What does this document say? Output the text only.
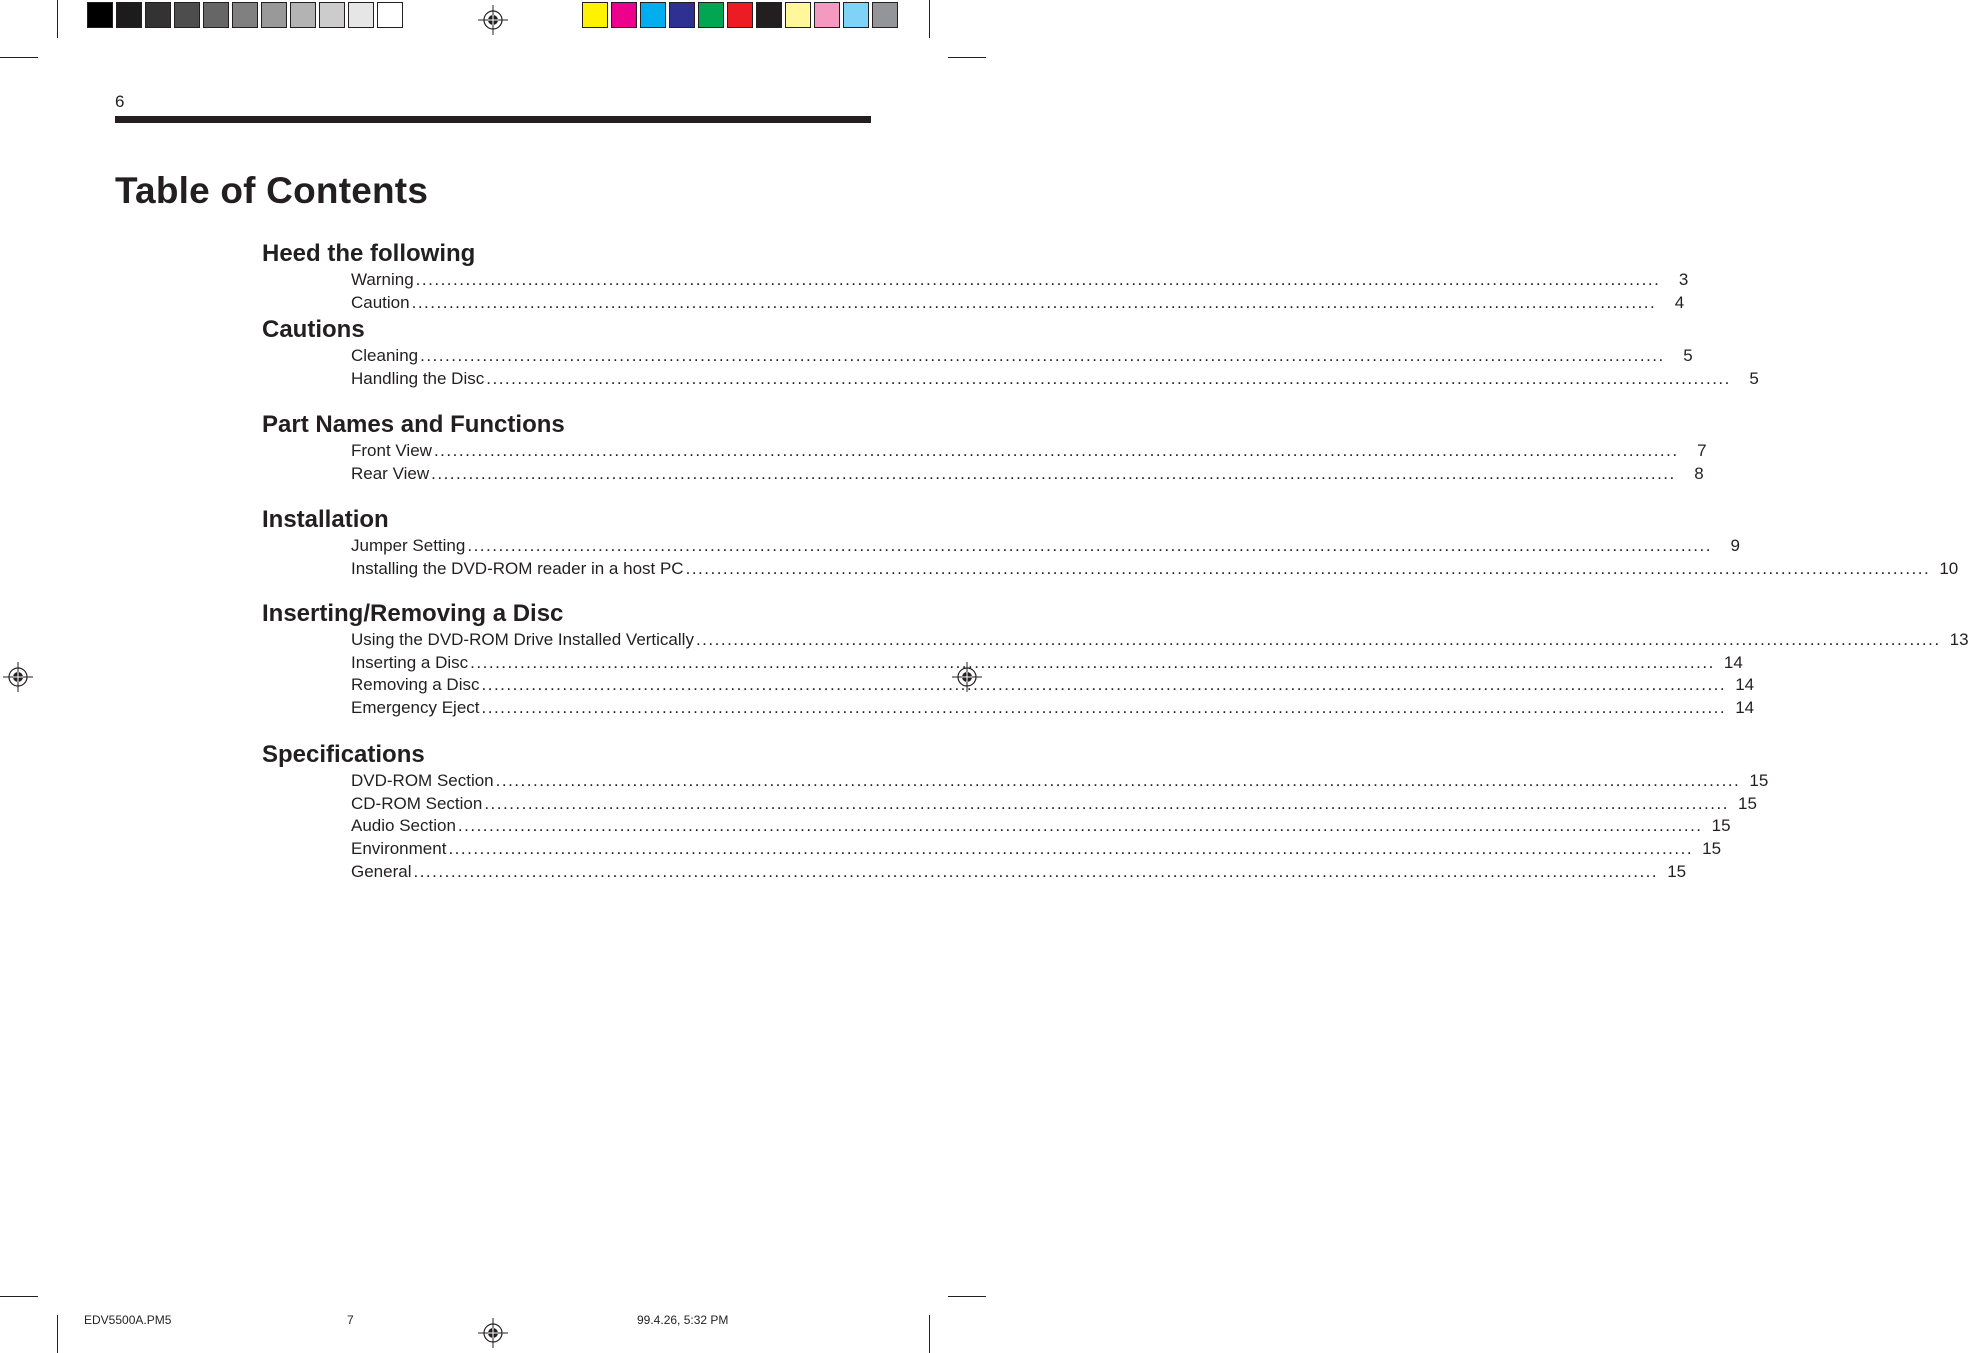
6
Table of Contents
Heed the following
Warning ........................................................................................................................................................................................................	3
Caution ........................................................................................................................................................................................................	4
Cautions
Cleaning ........................................................................................................................................................................................................	5
Handling the Disc ........................................................................................................................................................................................................	5
Part Names and Functions
Front View ........................................................................................................................................................................................................	7
Rear View ........................................................................................................................................................................................................	8
Installation
Jumper Setting ........................................................................................................................................................................................................	9
Installing the DVD-ROM reader in a host PC ........................................................................................................................................................................................................ 10
Inserting/Removing a Disc
Using the DVD-ROM Drive Installed Vertically ........................................................................................................................................................................................................ 13
Inserting a Disc ........................................................................................................................................................................................................ 14
Removing a Disc ........................................................................................................................................................................................................ 14
Emergency Eject ........................................................................................................................................................................................................ 14
Specifications
DVD-ROM Section ........................................................................................................................................................................................................ 15
CD-ROM Section ........................................................................................................................................................................................................ 15
Audio Section ........................................................................................................................................................................................................ 15
Environment ........................................................................................................................................................................................................ 15
General ........................................................................................................................................................................................................ 15
EDV5500A.PM5	7	99.4.26, 5:32 PM
